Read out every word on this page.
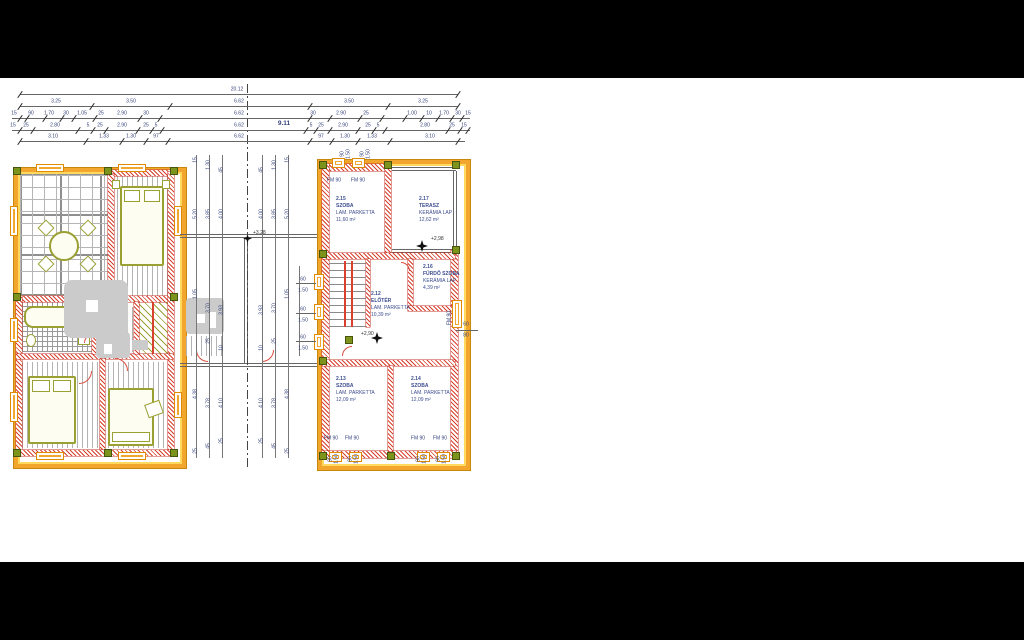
9.11
20.12
3.25	3.50	6.62	3.50	3.25
15 90 1.70 30 1.05 25	2.90	30	6.62	30	2.90	25	1.00 10 1.70 30 15
15 25	2.80	5 25	2.90	25 5	6.62	5 25	2.90	25 5	2.80	25 15
3.10	1.33	1.30	97	6.62	97	1.30	1.33	3.10
15
1.30
45
5.20 3.85 4.00
1.05
3.70 3.93
25
10
4.38
3.78 4.10
45
25
25
15
1.30
45
5.20
3.85
4.00
1.05
3.70
3.93
25
10
4.38
3.78
4.10
45
25
25
90 1.50 90 1.50
90 1.50 90 1.50	90 1.50 90 1.50
60
80
60
1.50
60
1.50
60
1.50
2.15
SZOBA
LAM. PARKETTA
11,60 m²
2.17
TERASZ
KERÁMIA LAP
12,62 m²
2.16
FÜRDŐ SZOBA
KERÁMIA LAP
4,39 m²
2.12
ELŐTÉR
LAM. PARKETTA
10,39 m²
2.13
SZOBA
LAM. PARKETTA
12,09 m²
2.14
SZOBA
LAM. PARKETTA
12,09 m²
+3,28
+2,98
+2,90
FM 90 FM 90
FM 90 FM 90	FM 90 FM 90
FM 90
